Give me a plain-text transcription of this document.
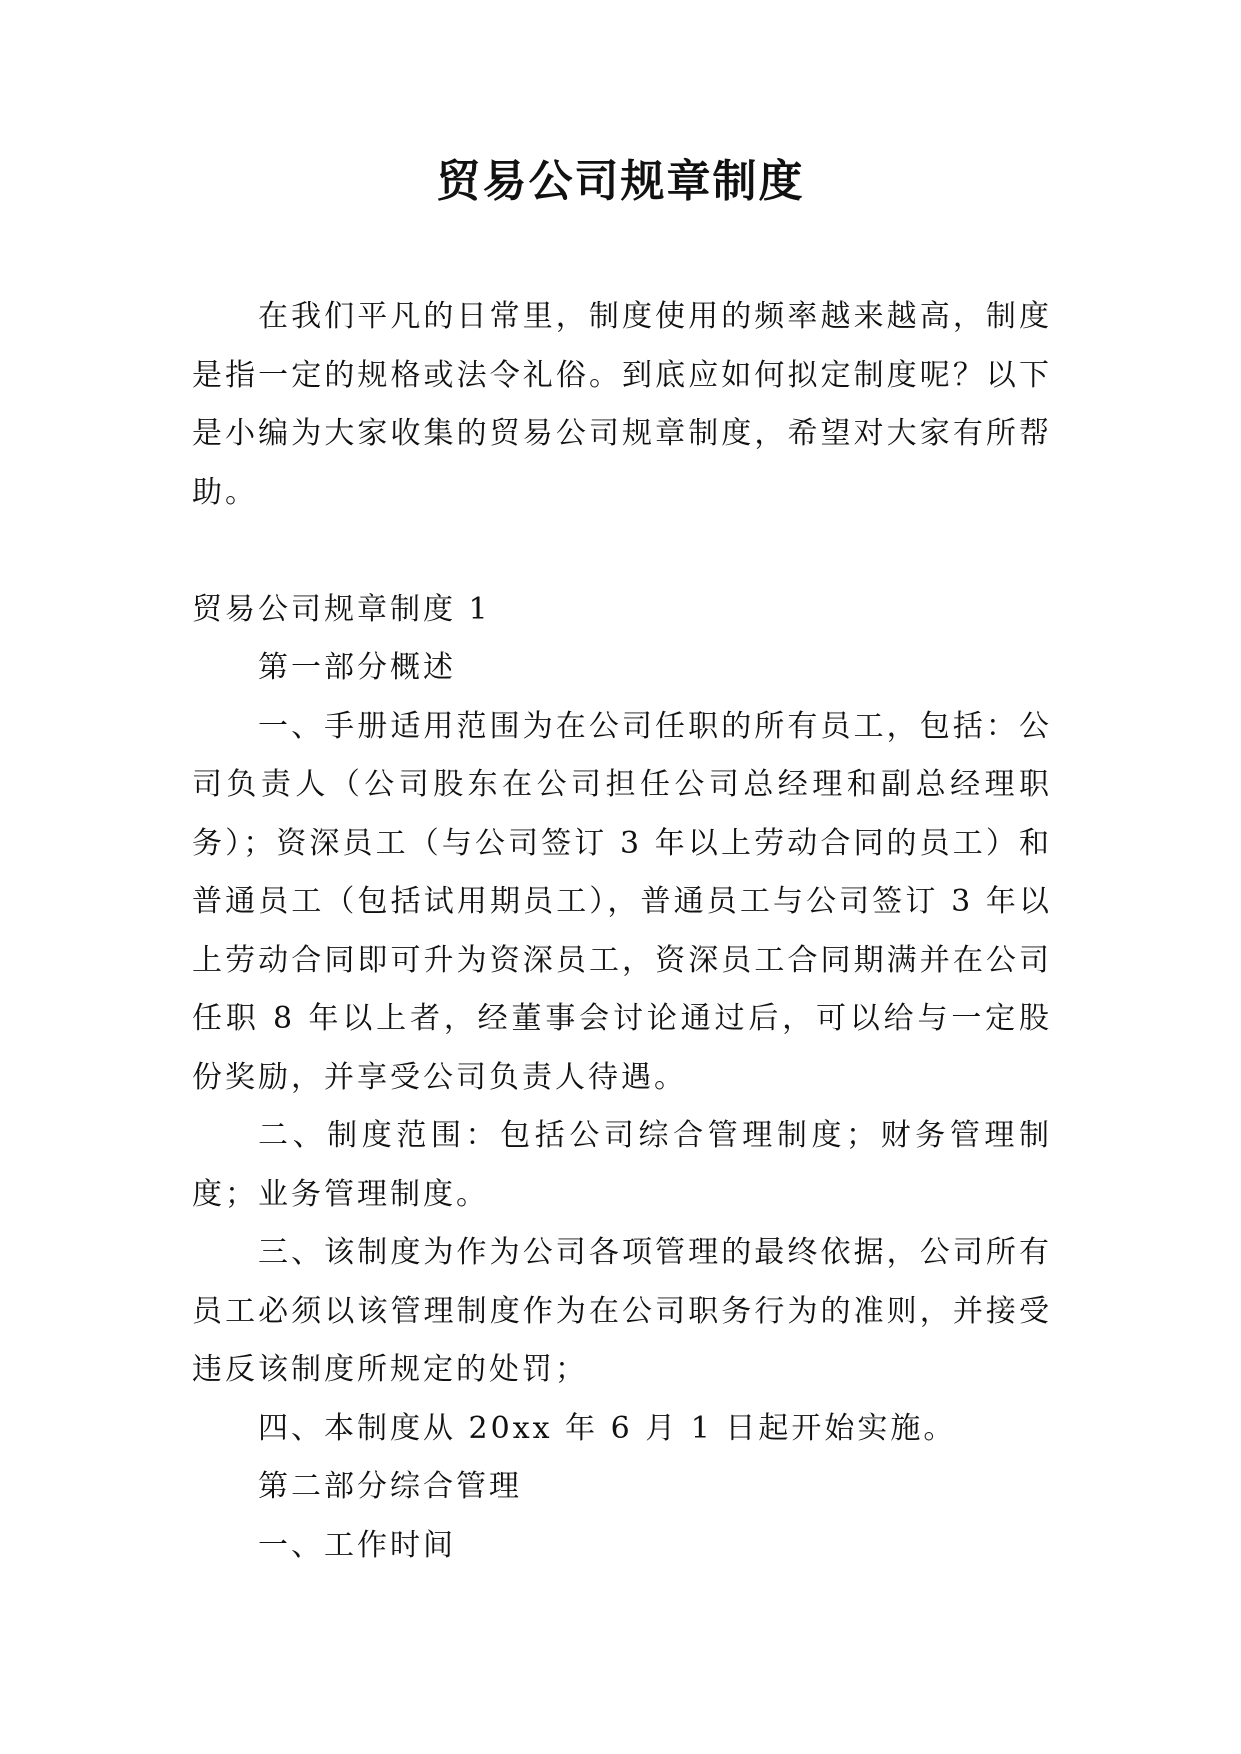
贸易公司规章制度

在我们平凡的日常里，制度使用的频率越来越高，制度是指一定的规格或法令礼俗。到底应如何拟定制度呢？以下是小编为大家收集的贸易公司规章制度，希望对大家有所帮助。

贸易公司规章制度 1

第一部分概述

一、手册适用范围为在公司任职的所有员工，包括：公司负责人（公司股东在公司担任公司总经理和副总经理职务）；资深员工（与公司签订 3 年以上劳动合同的员工）和普通员工（包括试用期员工），普通员工与公司签订 3 年以上劳动合同即可升为资深员工，资深员工合同期满并在公司任职 8 年以上者，经董事会讨论通过后，可以给与一定股份奖励，并享受公司负责人待遇。

二、制度范围：包括公司综合管理制度；财务管理制度；业务管理制度。

三、该制度为作为公司各项管理的最终依据，公司所有员工必须以该管理制度作为在公司职务行为的准则，并接受违反该制度所规定的处罚；

四、本制度从 20xx 年 6 月 1 日起开始实施。

第二部分综合管理

一、工作时间
